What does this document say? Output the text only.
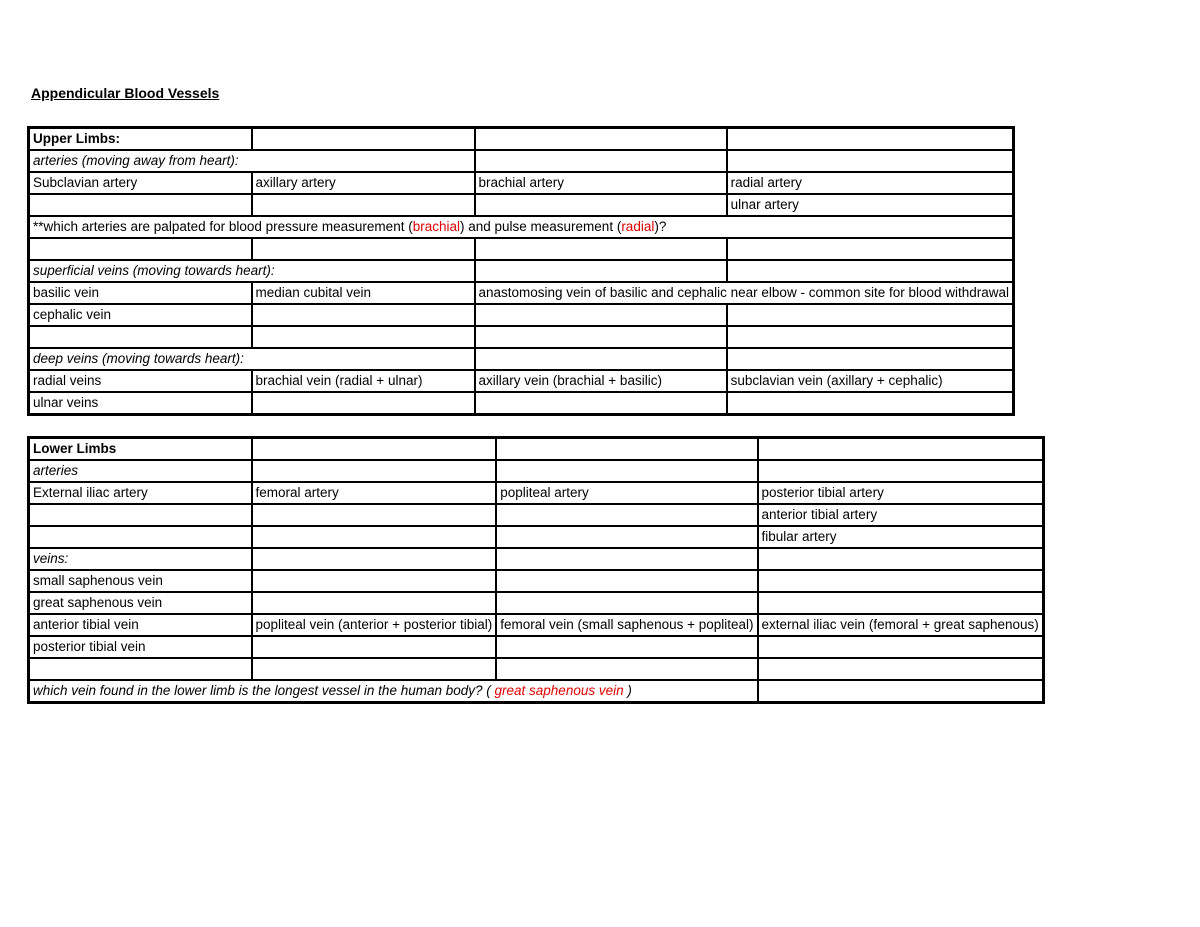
Appendicular Blood Vessels
Upper Limbs:			
arteries (moving away from heart):			
Subclavian artery	axillary artery	brachial artery	radial artery
			ulnar artery
**which arteries are palpated for blood pressure measurement (brachial) and pulse measurement (radial)?			

superficial veins (moving towards heart):			
basilic vein	median cubital vein	anastomosing vein of basilic and cephalic near elbow - common site for blood withdrawal	
cephalic vein			

deep veins (moving towards heart):			
radial veins	brachial vein (radial + ulnar)	axillary vein (brachial + basilic)	subclavian vein (axillary + cephalic)
ulnar veins			
Lower Limbs			
arteries			
External iliac artery	femoral artery	popliteal artery	posterior tibial artery
			anterior tibial artery
			fibular artery
veins:			
small saphenous vein			
great saphenous vein			
anterior tibial vein	popliteal vein (anterior + posterior tibial)	femoral vein (small saphenous + popliteal)	external iliac vein (femoral + great saphenous)
posterior tibial vein			

which vein found in the lower limb is the longest vessel in the human body? ( great saphenous vein )			
